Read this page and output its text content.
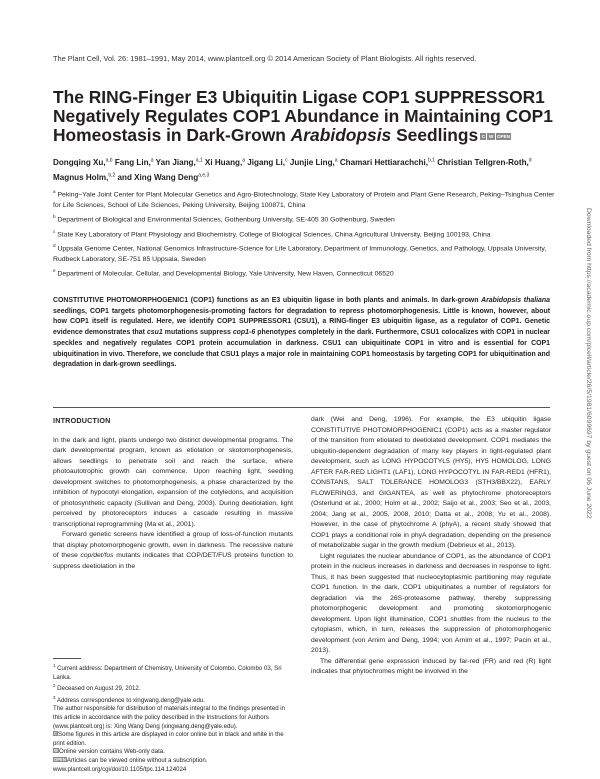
The Plant Cell, Vol. 26: 1981–1991, May 2014, www.plantcell.org © 2014 American Society of Plant Biologists. All rights reserved.
The RING-Finger E3 Ubiquitin Ligase COP1 SUPPRESSOR1 Negatively Regulates COP1 Abundance in Maintaining COP1 Homeostasis in Dark-Grown Arabidopsis Seedlings C W OPEN
Dongqing Xu,$^{a,b}$ Fang Lin,$^a$ Yan Jiang,$^{a,1}$ Xi Huang,$^a$ Jigang Li,$^c$ Junjie Ling,$^a$ Chamari Hettiarachchi,$^{b,1}$ Christian Tellgren-Roth,$^d$ Magnus Holm,$^{b,2}$ and Xing Wang Deng$^{a,e,3}$

$^a$ Peking–Yale Joint Center for Plant Molecular Genetics and Agro-Biotechnology, State Key Laboratory of Protein and Plant Gene Research, Peking–Tsinghua Center for Life Sciences, School of Life Sciences, Peking University, Beijing 100871, China

$^b$ Department of Biological and Environmental Sciences, Gothenburg University, SE-405 30 Gothenburg, Sweden

$^c$ State Key Laboratory of Plant Physiology and Biochemistry, College of Biological Sciences, China Agricultural University, Beijing 100193, China

$^d$ Uppsala Genome Center, National Genomics Infrastructure-Science for Life Laboratory, Department of Immunology, Genetics, and Pathology, Uppsala University, Rudbeck Laboratory, SE-751 85 Uppsala, Sweden

$^e$ Department of Molecular, Cellular, and Developmental Biology, Yale University, New Haven, Connecticut 06520

CONSTITUTIVE PHOTOMORPHOGENIC1 (COP1) functions as an E3 ubiquitin ligase in both plants and animals. In dark-grown Arabidopsis thaliana seedlings, COP1 targets photomorphogenesis-promoting factors for degradation to repress photomorphogenesis. Little is known, however, about how COP1 itself is regulated. Here, we identify COP1 SUPPRESSOR1 (CSU1), a RING-finger E3 ubiquitin ligase, as a regulator of COP1. Genetic evidence demonstrates that csu1 mutations suppress cop1-6 phenotypes completely in the dark. Furthermore, CSU1 colocalizes with COP1 in nuclear speckles and negatively regulates COP1 protein accumulation in darkness. CSU1 can ubiquitinate COP1 in vitro and is essential for COP1 ubiquitination in vivo. Therefore, we conclude that CSU1 plays a major role in maintaining COP1 homeostasis by targeting COP1 for ubiquitination and degradation in dark-grown seedlings.

INTRODUCTION

In the dark and light, plants undergo two distinct developmental programs. The dark developmental program, known as etiolation or skotomorphogenesis, allows seedlings to penetrate soil and reach the surface, where photoautotrophic growth can commence. Upon reaching light, seedling development switches to photomorphogenesis, a phase characterized by the inhibition of hypocotyl elongation, expansion of the cotyledons, and acquisition of photosynthetic capacity (Sullivan and Deng, 2003). During deetiolation, light perceived by photoreceptors induces a cascade resulting in massive transcriptional reprogramming (Ma et al., 2001).

Forward genetic screens have identified a group of loss-of-function mutants that display photomorphogenic growth, even in darkness. The recessive nature of these cop/det/fus mutants indicates that COP/DET/FUS proteins function to suppress deetiolation in the

dark (Wei and Deng, 1996). For example, the E3 ubiquitin ligase CONSTITUTIVE PHOTOMORPHOGENIC1 (COP1) acts as a master regulator of the transition from etiolated to deetiolated development. COP1 mediates the ubiquitin-dependent degradation of many key players in light-regulated plant development, such as LONG HYPOCOTYL5 (HY5), HY5 HOMOLOG, LONG AFTER FAR-RED LIGHT1 (LAF1), LONG HYPOCOTYL IN FAR-RED1 (HFR1), CONSTANS, SALT TOLERANCE HOMOLOG3 (STH3/BBX22), EARLY FLOWERING3, and GIGANTEA, as well as phytochrome photoreceptors (Osterlund et al., 2000; Holm et al., 2002; Saijo et al., 2003; Seo et al., 2003, 2004; Jang et al., 2005, 2008, 2010; Datta et al., 2008; Yu et al., 2008). However, in the case of phytochrome A (phyA), a recent study showed that COP1 plays a conditional role in phyA degradation, depending on the presence of metabolizable sugar in the growth medium (Debrieux et al., 2013).

Light regulates the nuclear abundance of COP1, as the abundance of COP1 protein in the nucleus increases in darkness and decreases in response to light. Thus, it has been suggested that nucleocytoplasmic partitioning may regulate COP1 function. In the dark, COP1 ubiquitinates a number of regulators for degradation via the 26S-proteasome pathway, thereby suppressing photomorphogenic development and promoting skotomorphogenic development. Upon light illumination, COP1 shuttles from the nucleus to the cytoplasm, which, in turn, releases the suppression of photomorphogenic development (von Arnim and Deng, 1994; von Arnim et al., 1997; Pacin et al., 2013).

The differential gene expression induced by far-red (FR) and red (R) light indicates that phytochromes might be involved in the

$^1$ Current address: Department of Chemistry, University of Colombo, Colombo 03, Sri Lanka.

$^2$ Deceased on August 29, 2012.

$^3$ Address correspondence to xingwang.deng@yale.edu.

The author responsible for distribution of materials integral to the findings presented in this article in accordance with the policy described in the Instructions for Authors (www.plantcell.org) is: Xing Wang Deng (xingwang.deng@yale.edu).

CSome figures in this article are displayed in color online but in black and white in the print edition.

WOnline version contains Web-only data.

OPENArticles can be viewed online without a subscription.

www.plantcell.org/cgi/doi/10.1105/tpc.114.124024

Downloaded from https://academic.oup.com/plcell/article/26/5/1981/6099697 by guest on 06 June 2022
